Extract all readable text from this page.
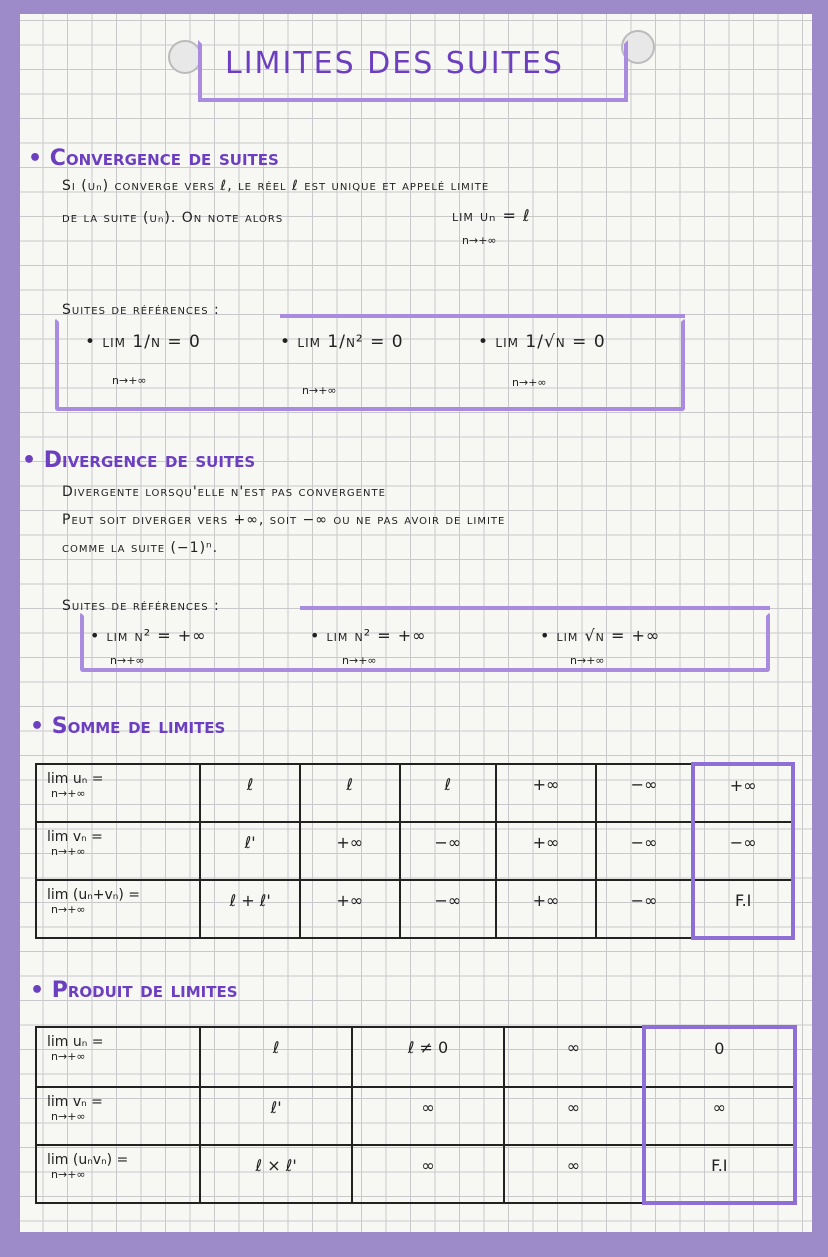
LIMITES DES SUITES
• Convergence de suites
Si (uₙ) converge vers ℓ, le réel ℓ est unique et appelé limite
de la suite (uₙ). On note alors	lim uₙ = ℓ
n→+∞
Suites de références :
• lim 1/n = 0
n→+∞
• lim 1/n² = 0
n→+∞
• lim 1/√n = 0
n→+∞
• Divergence de suites
Divergente lorsqu'elle n'est pas convergente
Peut soit diverger vers +∞, soit −∞ ou ne pas avoir de limite
comme la suite (−1)ⁿ.
Suites de références :
• lim n² = +∞
n→+∞
• lim n² = +∞
n→+∞
• lim √n = +∞
n→+∞
• Somme de limites
lim uₙ =
n→+∞	ℓ	ℓ	ℓ	+∞	−∞	+∞
lim vₙ =
n→+∞	ℓ'	+∞	−∞	+∞	−∞	−∞
lim (uₙ+vₙ) =
n→+∞	ℓ + ℓ'	+∞	−∞	+∞	−∞	F.I
• Produit de limites
lim uₙ =
n→+∞	ℓ	ℓ ≠ 0	∞	0
lim vₙ =
n→+∞	ℓ'	∞	∞	∞
lim (uₙvₙ) =
n→+∞	ℓ × ℓ'	∞	∞	F.I
